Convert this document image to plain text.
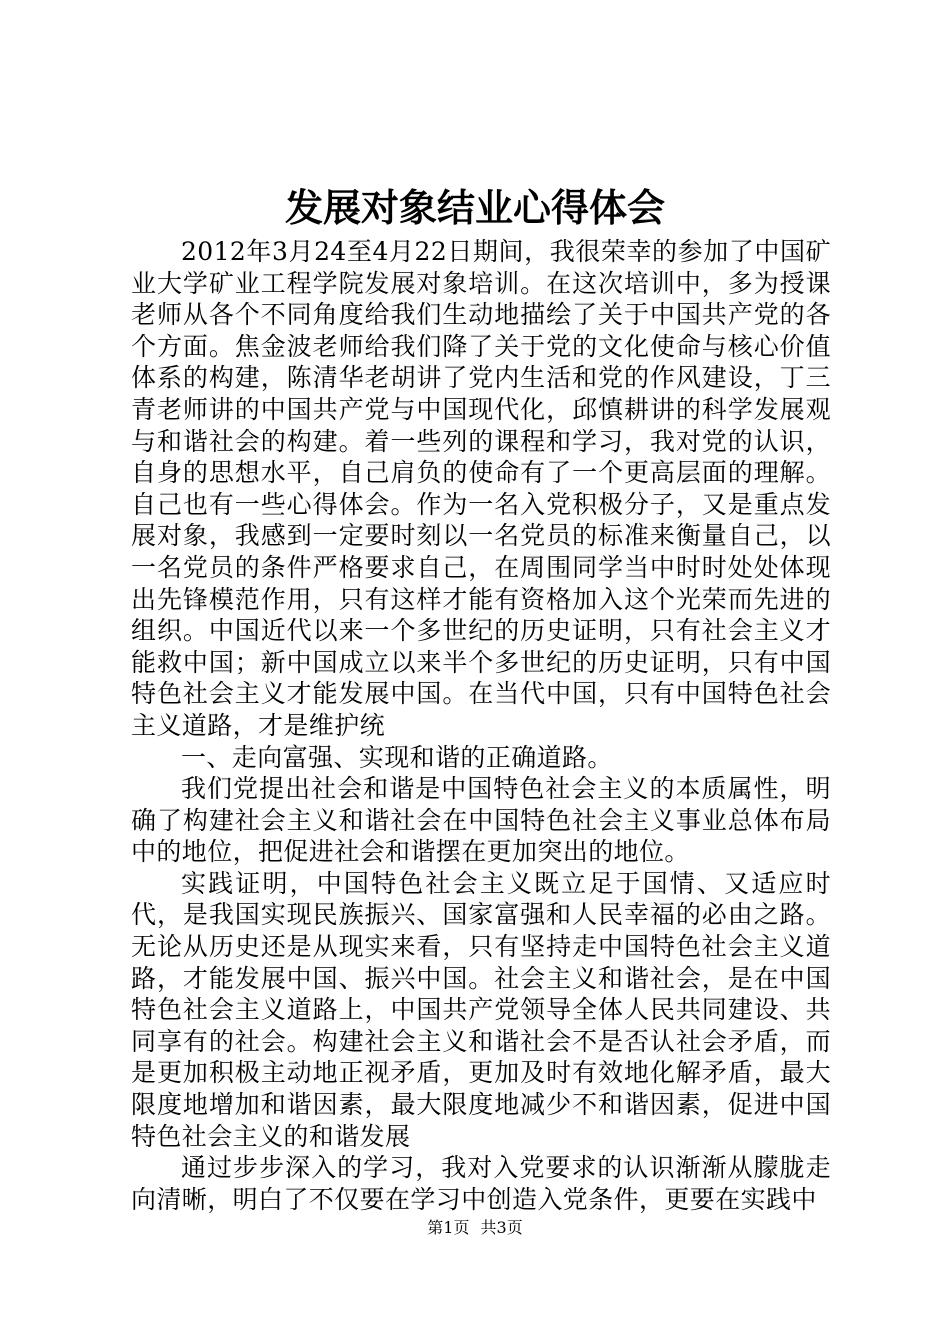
发展对象结业心得体会

2012年3月24至4月22日期间，我很荣幸的参加了中国矿业大学矿业工程学院发展对象培训。在这次培训中，多为授课老师从各个不同角度给我们生动地描绘了关于中国共产党的各个方面。焦金波老师给我们降了关于党的文化使命与核心价值体系的构建，陈清华老胡讲了党内生活和党的作风建设，丁三青老师讲的中国共产党与中国现代化，邱慎耕讲的科学发展观与和谐社会的构建。着一些列的课程和学习，我对党的认识，自身的思想水平，自己肩负的使命有了一个更高层面的理解。自己也有一些心得体会。作为一名入党积极分子，又是重点发展对象，我感到一定要时刻以一名党员的标准来衡量自己，以一名党员的条件严格要求自己，在周围同学当中时时处处体现出先锋模范作用，只有这样才能有资格加入这个光荣而先进的组织。中国近代以来一个多世纪的历史证明，只有社会主义才能救中国；新中国成立以来半个多世纪的历史证明，只有中国特色社会主义才能发展中国。在当代中国，只有中国特色社会主义道路，才是维护统

一、走向富强、实现和谐的正确道路。

我们党提出社会和谐是中国特色社会主义的本质属性，明确了构建社会主义和谐社会在中国特色社会主义事业总体布局中的地位，把促进社会和谐摆在更加突出的地位。

实践证明，中国特色社会主义既立足于国情、又适应时代，是我国实现民族振兴、国家富强和人民幸福的必由之路。无论从历史还是从现实来看，只有坚持走中国特色社会主义道路，才能发展中国、振兴中国。社会主义和谐社会，是在中国特色社会主义道路上，中国共产党领导全体人民共同建设、共同享有的社会。构建社会主义和谐社会不是否认社会矛盾，而是更加积极主动地正视矛盾，更加及时有效地化解矛盾，最大限度地增加和谐因素，最大限度地减少不和谐因素，促进中国特色社会主义的和谐发展

通过步步深入的学习，我对入党要求的认识渐渐从朦胧走向清晰，明白了不仅要在学习中创造入党条件，更要在实践中

第1页 共3页
